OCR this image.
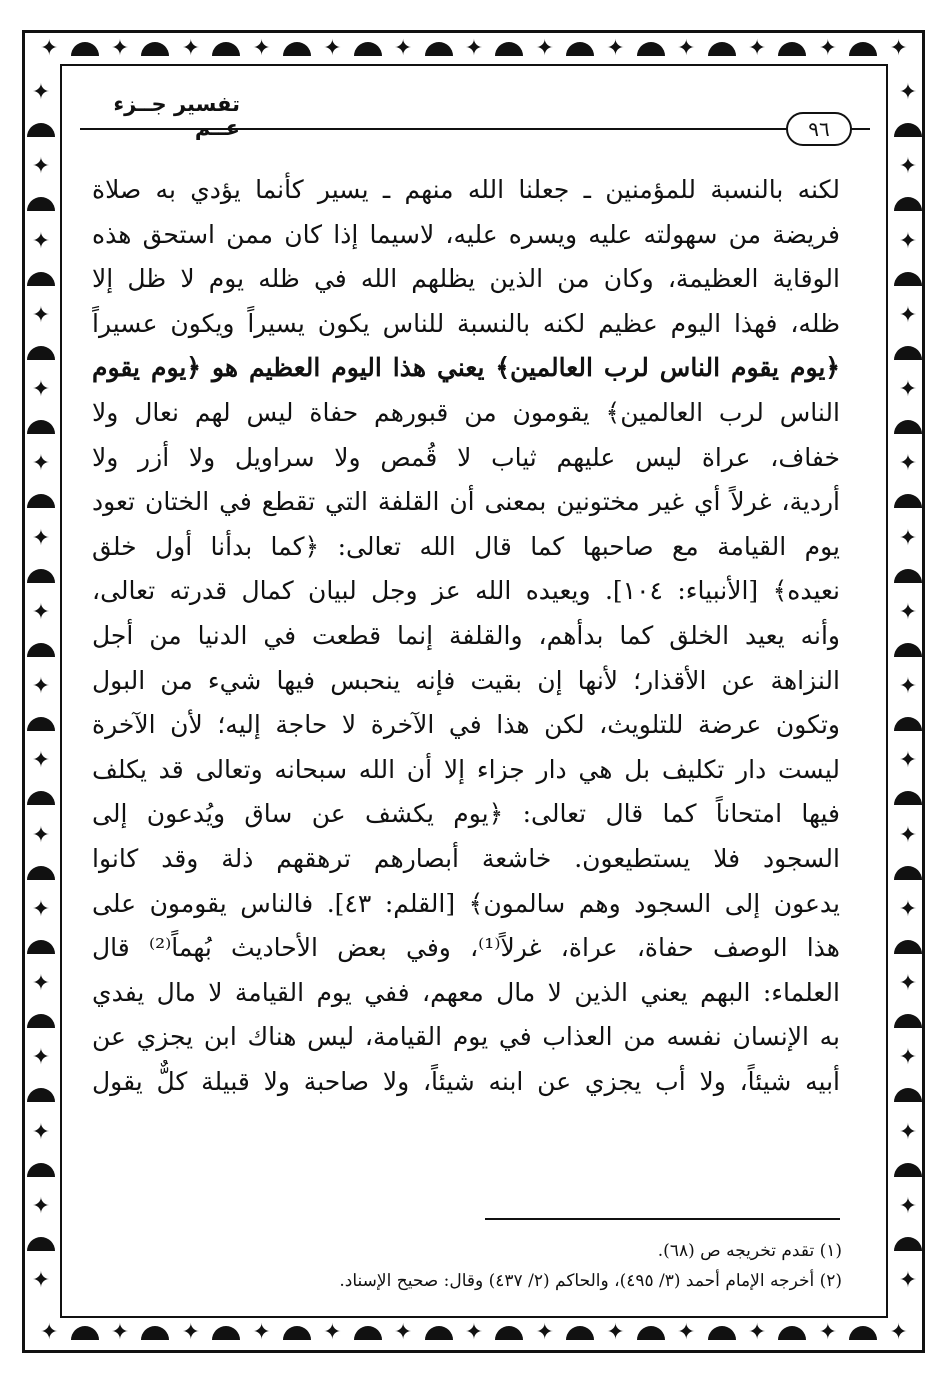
✦ ✦ ✦ ✦ ✦ ✦ ✦ ✦ ✦ ✦ ✦ ✦ ✦
✦ ✦ ✦ ✦ ✦ ✦ ✦ ✦ ✦ ✦ ✦ ✦ ✦
✦
✦
✦
✦
✦
✦
✦
✦
✦
✦
✦
✦
✦
✦
✦
✦
✦
✦
✦
✦
✦
✦
✦
✦
✦
✦
✦
✦
✦
✦
✦
✦
✦
✦
تفسير جــزء عــم	٩٦
لكنه بالنسبة للمؤمنين ـ جعلنا الله منهم ـ يسير كأنما يؤدي به صلاة
فريضة من سهولته عليه ويسره عليه، لاسيما إذا كان ممن استحق هذه
الوقاية العظيمة، وكان من الذين يظلهم الله في ظله يوم لا ظل إلا
ظله، فهذا اليوم عظيم لكنه بالنسبة للناس يكون يسيراً ويكون عسيراً
﴿يوم يقوم الناس لرب العالمين﴾ يعني هذا اليوم العظيم هو ﴿يوم يقوم
الناس لرب العالمين﴾ يقومون من قبورهم حفاة ليس لهم نعال ولا
خفاف، عراة ليس عليهم ثياب لا قُمص ولا سراويل ولا أزر ولا
أردية، غرلاً أي غير مختونين بمعنى أن القلفة التي تقطع في الختان تعود
يوم القيامة مع صاحبها كما قال الله تعالى: ﴿كما بدأنا أول خلق
نعيده﴾ [الأنبياء: ١٠٤]. ويعيده الله عز وجل لبيان كمال قدرته تعالى،
وأنه يعيد الخلق كما بدأهم، والقلفة إنما قطعت في الدنيا من أجل
النزاهة عن الأقذار؛ لأنها إن بقيت فإنه ينحبس فيها شيء من البول
وتكون عرضة للتلويث، لكن هذا في الآخرة لا حاجة إليه؛ لأن الآخرة
ليست دار تكليف بل هي دار جزاء إلا أن الله سبحانه وتعالى قد يكلف
فيها امتحاناً كما قال تعالى: ﴿يوم يكشف عن ساق ويُدعون إلى
السجود فلا يستطيعون. خاشعة أبصارهم ترهقهم ذلة وقد كانوا
يدعون إلى السجود وهم سالمون﴾ [القلم: ٤٣]. فالناس يقومون على
هذا الوصف حفاة، عراة، غرلاً⁽¹⁾، وفي بعض الأحاديث بُهماً⁽²⁾ قال
العلماء: البهم يعني الذين لا مال معهم، ففي يوم القيامة لا مال يفدي
به الإنسان نفسه من العذاب في يوم القيامة، ليس هناك ابن يجزي عن
أبيه شيئاً، ولا أب يجزي عن ابنه شيئاً، ولا صاحبة ولا قبيلة كلٌّ يقول
(١) تقدم تخريجه ص (٦٨).
(٢) أخرجه الإمام أحمد (٣/ ٤٩٥)، والحاكم (٢/ ٤٣٧) وقال: صحيح الإسناد.
